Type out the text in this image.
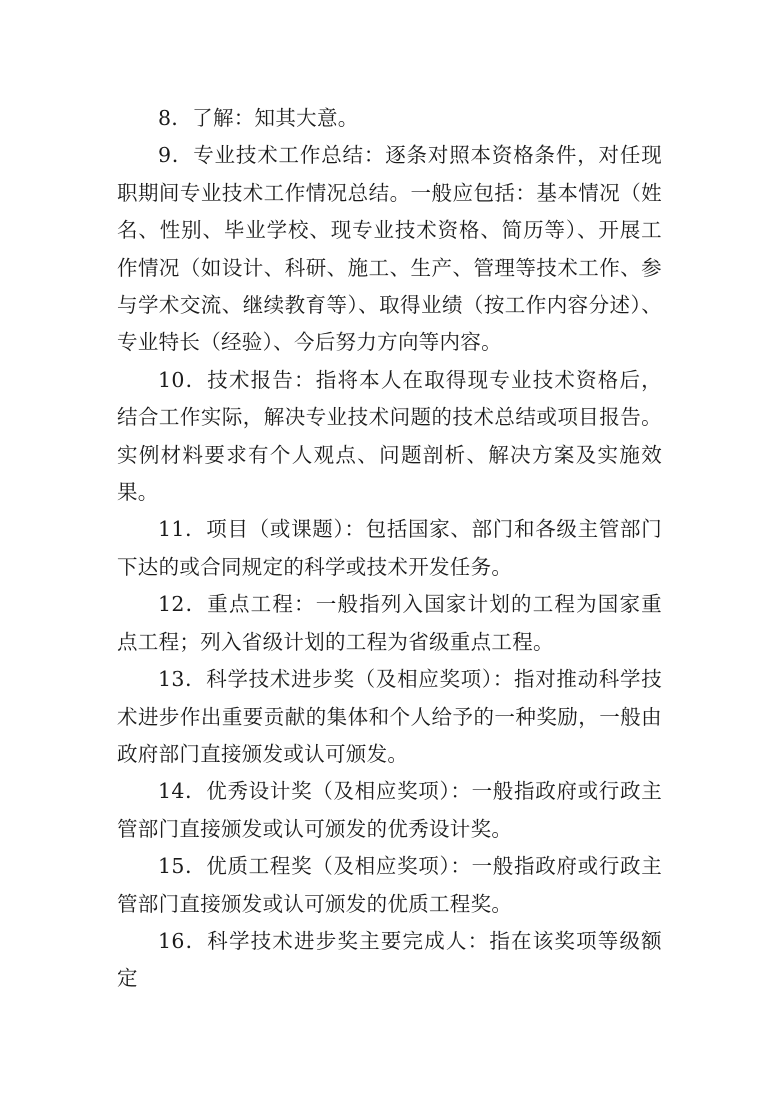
8．了解：知其大意。

9．专业技术工作总结：逐条对照本资格条件，对任现职期间专业技术工作情况总结。一般应包括：基本情况（姓名、性别、毕业学校、现专业技术资格、简历等）、开展工作情况（如设计、科研、施工、生产、管理等技术工作、参与学术交流、继续教育等）、取得业绩（按工作内容分述）、专业特长（经验）、今后努力方向等内容。

10．技术报告：指将本人在取得现专业技术资格后，结合工作实际，解决专业技术问题的技术总结或项目报告。实例材料要求有个人观点、问题剖析、解决方案及实施效果。

11．项目（或课题）：包括国家、部门和各级主管部门下达的或合同规定的科学或技术开发任务。

12．重点工程：一般指列入国家计划的工程为国家重点工程；列入省级计划的工程为省级重点工程。

13．科学技术进步奖（及相应奖项）：指对推动科学技术进步作出重要贡献的集体和个人给予的一种奖励，一般由政府部门直接颁发或认可颁发。

14．优秀设计奖（及相应奖项）：一般指政府或行政主管部门直接颁发或认可颁发的优秀设计奖。

15．优质工程奖（及相应奖项）：一般指政府或行政主管部门直接颁发或认可颁发的优质工程奖。

16．科学技术进步奖主要完成人：指在该奖项等级额定
